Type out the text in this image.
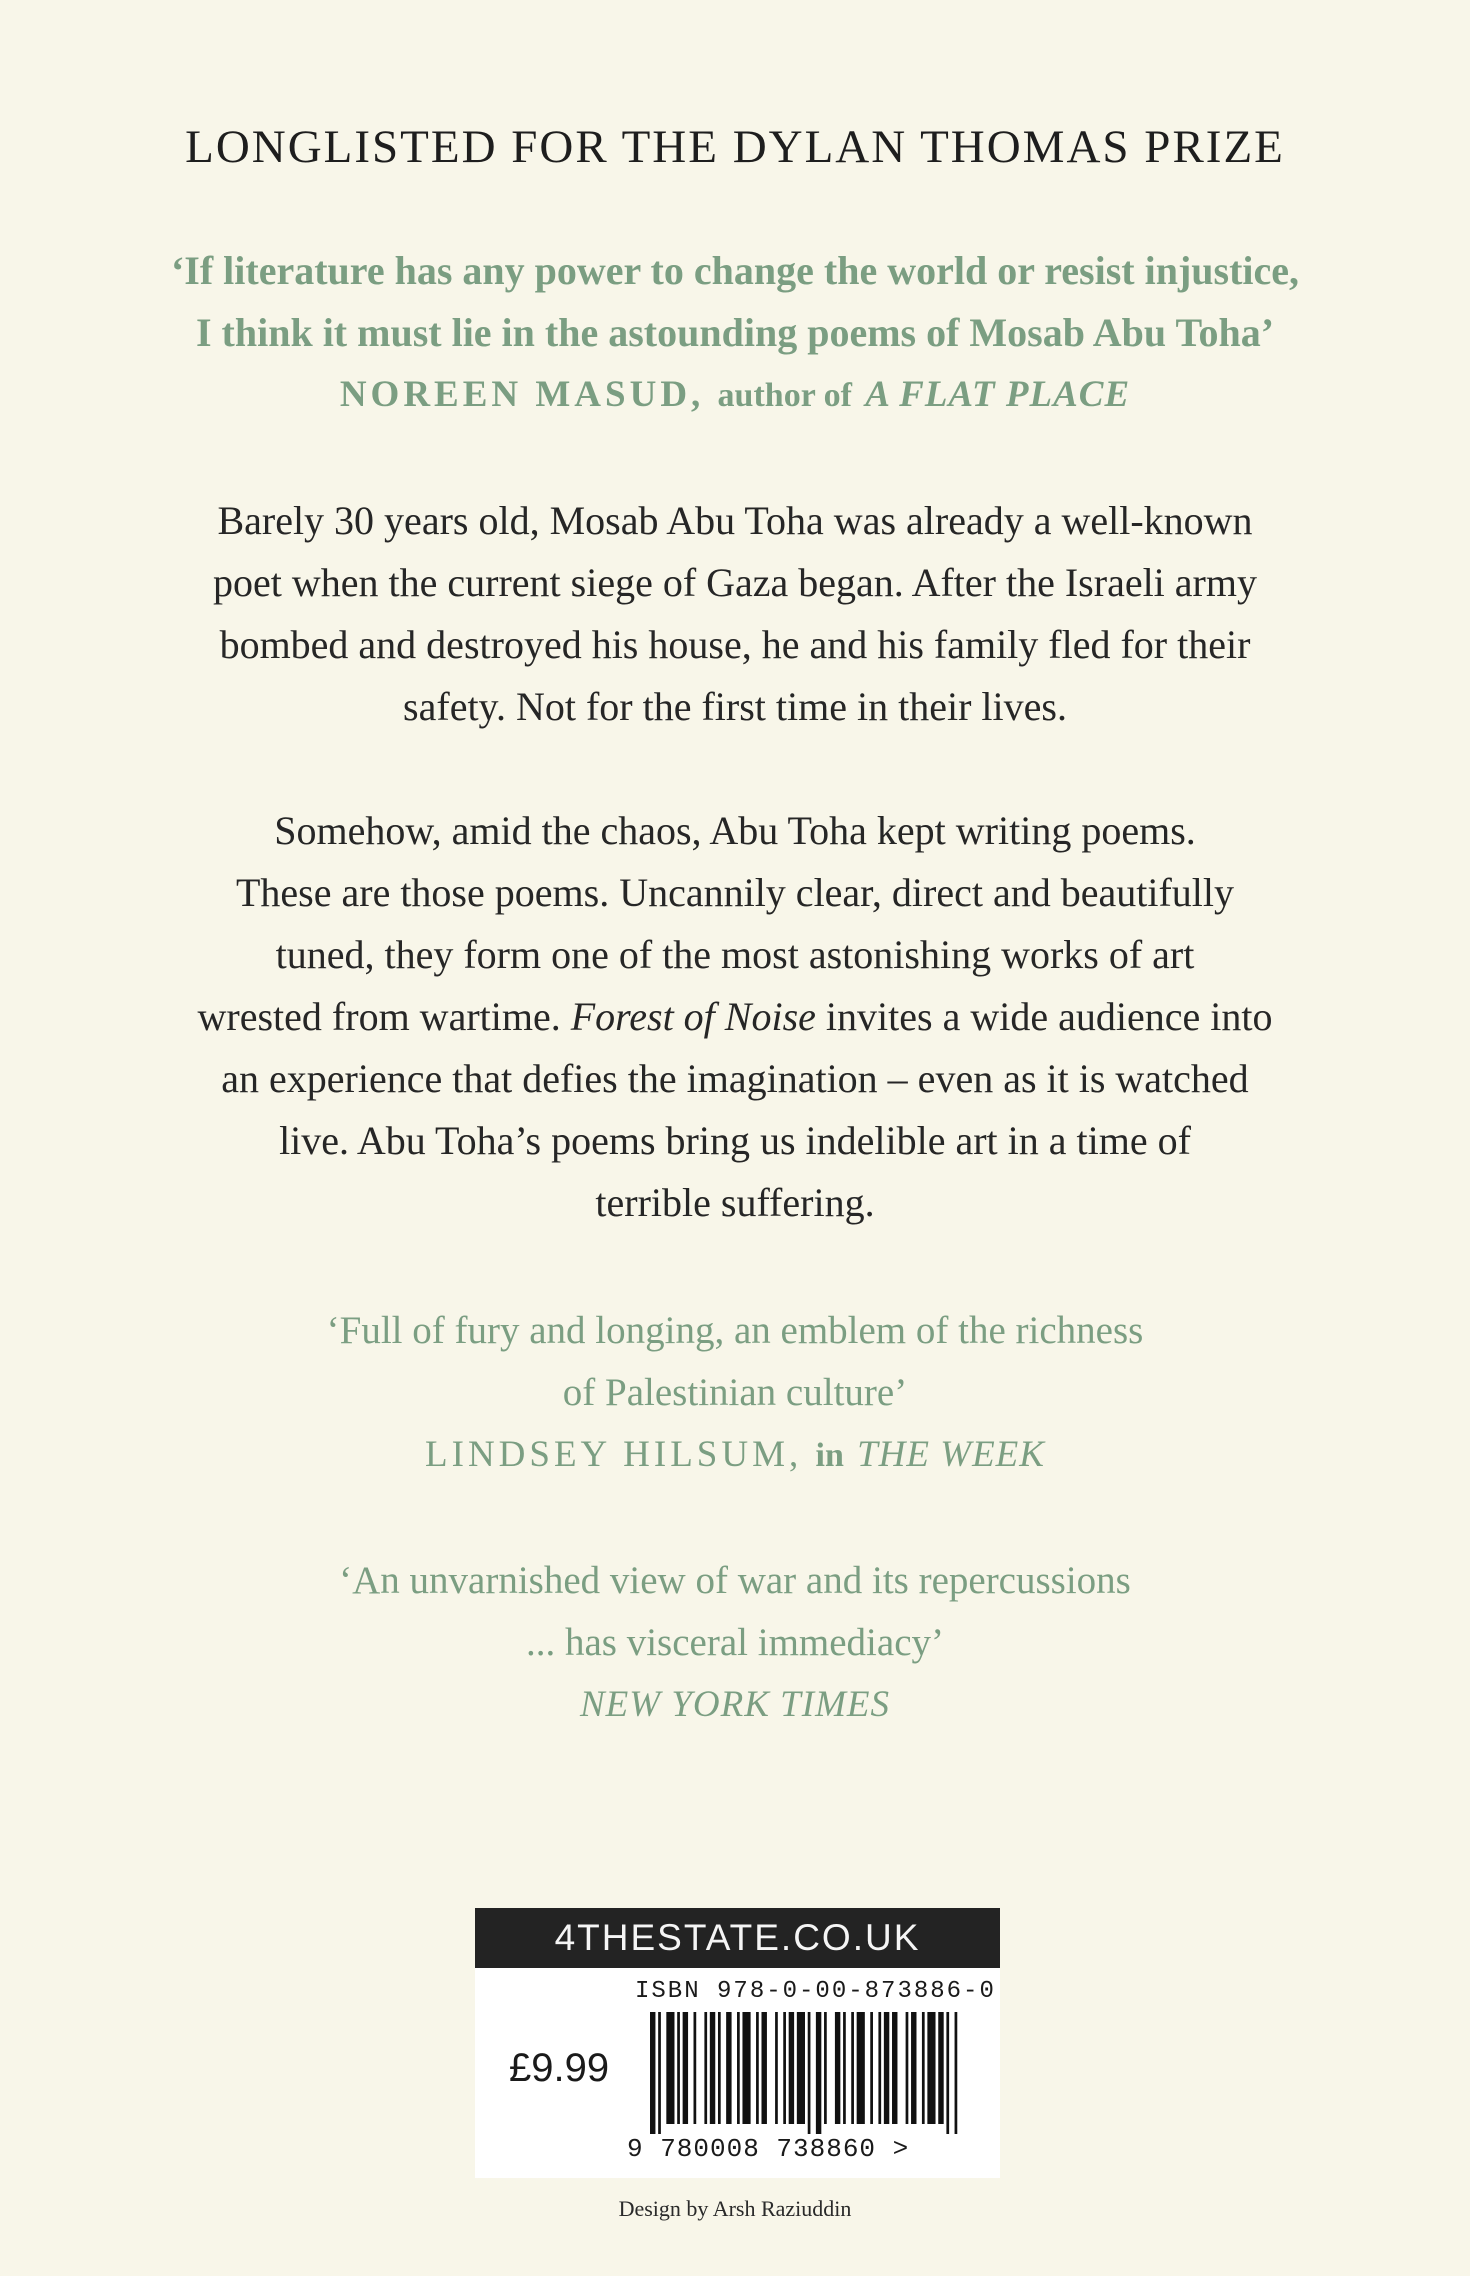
LONGLISTED FOR THE DYLAN THOMAS PRIZE
‘If literature has any power to change the world or resist injustice,
I think it must lie in the astounding poems of Mosab Abu Toha’
NOREEN MASUD, author of A FLAT PLACE
Barely 30 years old, Mosab Abu Toha was already a well-known
poet when the current siege of Gaza began. After the Israeli army
bombed and destroyed his house, he and his family fled for their
safety. Not for the first time in their lives.
Somehow, amid the chaos, Abu Toha kept writing poems.
These are those poems. Uncannily clear, direct and beautifully
tuned, they form one of the most astonishing works of art
wrested from wartime. Forest of Noise invites a wide audience into
an experience that defies the imagination – even as it is watched
live. Abu Toha’s poems bring us indelible art in a time of
terrible suffering.
‘Full of fury and longing, an emblem of the richness
of Palestinian culture’
LINDSEY HILSUM, in THE WEEK
‘An unvarnished view of war and its repercussions
... has visceral immediacy’
NEW YORK TIMES
4THESTATE.CO.UK
ISBN 978-0-00-873886-0
£9.99
9 780008 738860 >
Design by Arsh Raziuddin
